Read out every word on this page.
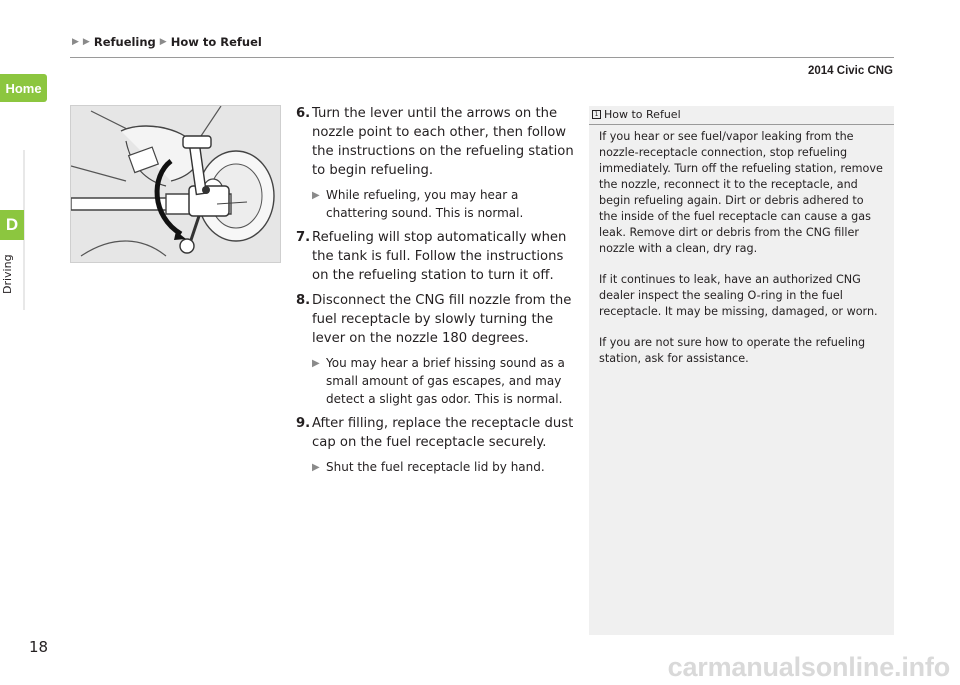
▶ ▶ Refueling ▶ How to Refuel
2014 Civic CNG
Home
D
Driving
6. Turn the lever until the arrows on the nozzle point to each other, then follow the instructions on the refueling station to begin refueling.
▶ While refueling, you may hear a chattering sound. This is normal.
7. Refueling will stop automatically when the tank is full. Follow the instructions on the refueling station to turn it off.
8. Disconnect the CNG fill nozzle from the fuel receptacle by slowly turning the lever on the nozzle 180 degrees.
▶ You may hear a brief hissing sound as a small amount of gas escapes, and may detect a slight gas odor. This is normal.
9. After filling, replace the receptacle dust cap on the fuel receptacle securely.
▶ Shut the fuel receptacle lid by hand.
1 How to Refuel

If you hear or see fuel/vapor leaking from the nozzle-receptacle connection, stop refueling immediately. Turn off the refueling station, remove the nozzle, reconnect it to the receptacle, and begin refueling again. Dirt or debris adhered to the inside of the fuel receptacle can cause a gas leak. Remove dirt or debris from the CNG filler nozzle with a clean, dry rag.

If it continues to leak, have an authorized CNG dealer inspect the sealing O-ring in the fuel receptacle. It may be missing, damaged, or worn.

If you are not sure how to operate the refueling station, ask for assistance.

18
carmanualsonline.info
